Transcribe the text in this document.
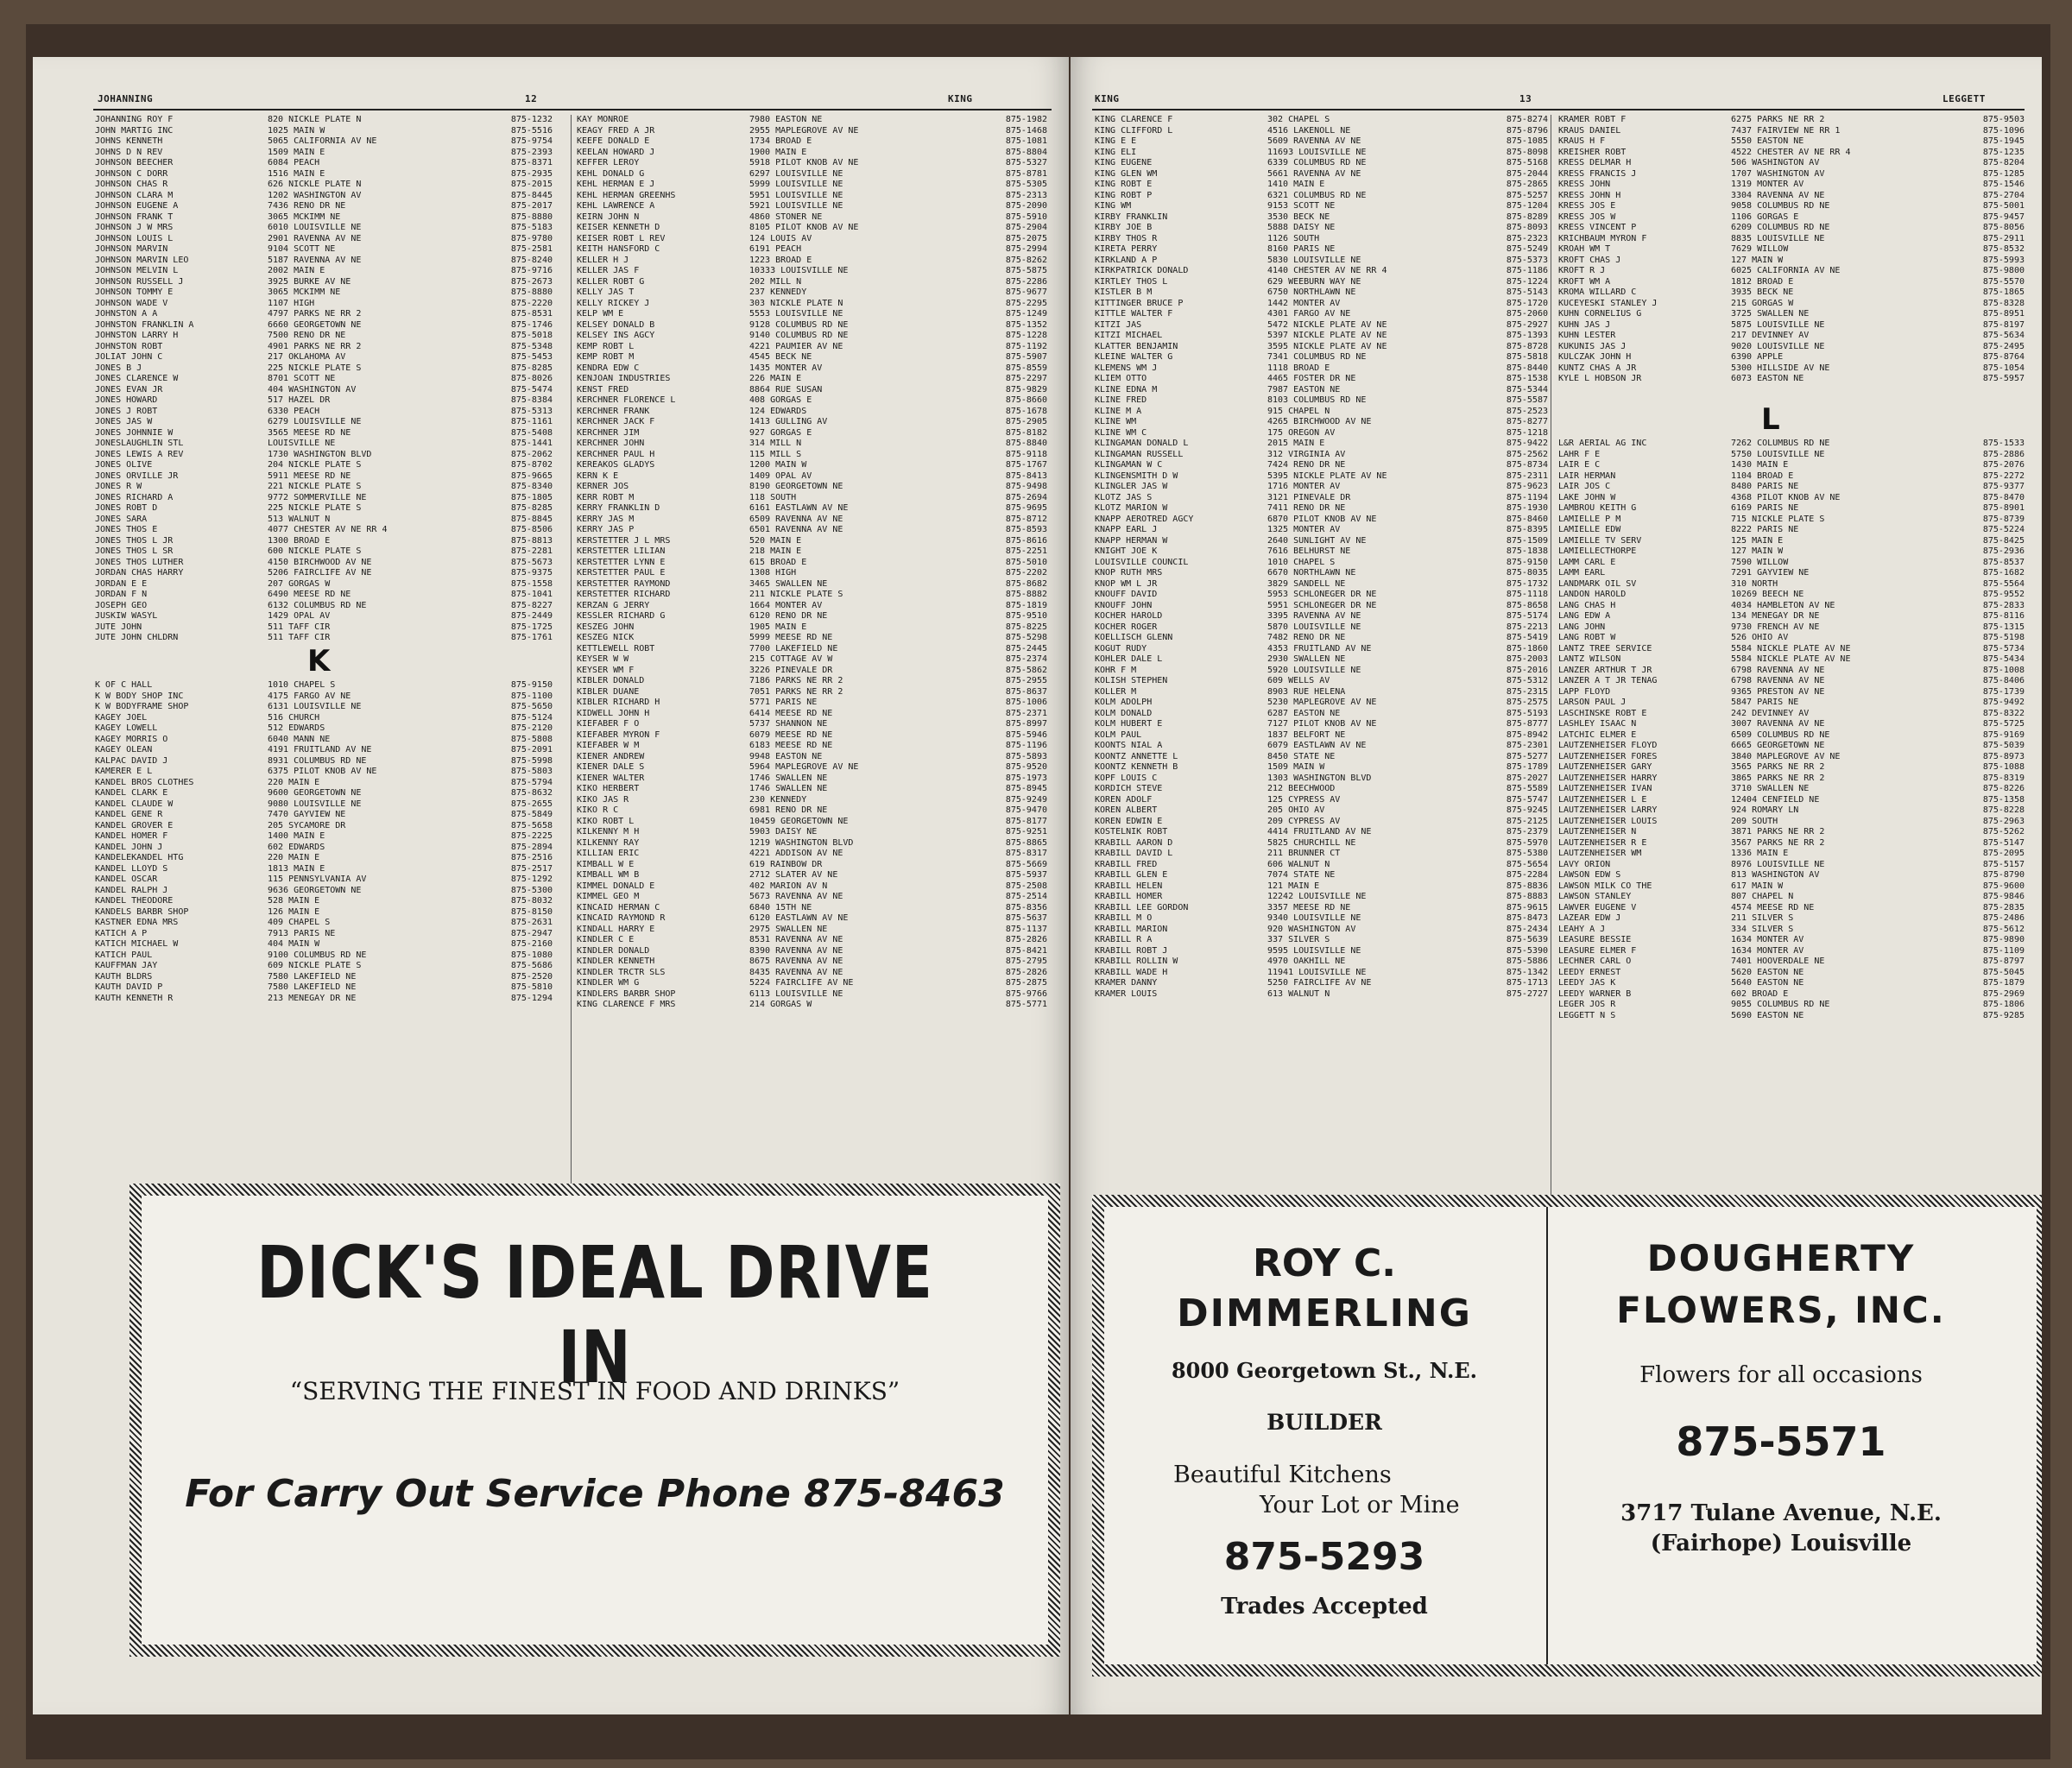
JOHANNING	12	KING
JOHANNING ROY F	820 NICKLE PLATE N	875-1232
JOHN MARTIG INC	1025 MAIN W	875-5516
JOHNS KENNETH	5065 CALIFORNIA AV NE	875-9754
JOHNS D N REV	1509 MAIN E	875-2393
JOHNSON BEECHER	6084 PEACH	875-8371
JOHNSON C DORR	1516 MAIN E	875-2935
JOHNSON CHAS R	626 NICKLE PLATE N	875-2015
JOHNSON CLARA M	1202 WASHINGTON AV	875-8445
JOHNSON EUGENE A	7436 RENO DR NE	875-2017
JOHNSON FRANK T	3065 MCKIMM NE	875-8880
JOHNSON J W MRS	6010 LOUISVILLE NE	875-5183
JOHNSON LOUIS L	2901 RAVENNA AV NE	875-9780
JOHNSON MARVIN	9104 SCOTT NE	875-2581
JOHNSON MARVIN LEO	5187 RAVENNA AV NE	875-8240
JOHNSON MELVIN L	2002 MAIN E	875-9716
JOHNSON RUSSELL J	3925 BURKE AV NE	875-2673
JOHNSON TOMMY E	3065 MCKIMM NE	875-8880
JOHNSON WADE V	1107 HIGH	875-2220
JOHNSTON A A	4797 PARKS NE RR 2	875-8531
JOHNSTON FRANKLIN A	6660 GEORGETOWN NE	875-1746
JOHNSTON LARRY H	7500 RENO DR NE	875-5018
JOHNSTON ROBT	4901 PARKS NE RR 2	875-5348
JOLIAT JOHN C	217 OKLAHOMA AV	875-5453
JONES B J	225 NICKLE PLATE S	875-8285
JONES CLARENCE W	8701 SCOTT NE	875-8026
JONES EVAN JR	404 WASHINGTON AV	875-5474
JONES HOWARD	517 HAZEL DR	875-8384
JONES J ROBT	6330 PEACH	875-5313
JONES JAS W	6279 LOUISVILLE NE	875-1161
JONES JOHNNIE W	3565 MEESE RD NE	875-5408
JONESLAUGHLIN STL	LOUISVILLE NE	875-1441
JONES LEWIS A REV	1730 WASHINGTON BLVD	875-2062
JONES OLIVE	204 NICKLE PLATE S	875-8702
JONES ORVILLE JR	5911 MEESE RD NE	875-9665
JONES R W	221 NICKLE PLATE S	875-8340
JONES RICHARD A	9772 SOMMERVILLE NE	875-1805
JONES ROBT D	225 NICKLE PLATE S	875-8285
JONES SARA	513 WALNUT N	875-8845
JONES THOS E	4077 CHESTER AV NE RR 4	875-8506
JONES THOS L JR	1300 BROAD E	875-8813
JONES THOS L SR	600 NICKLE PLATE S	875-2281
JONES THOS LUTHER	4150 BIRCHWOOD AV NE	875-5673
JORDAN CHAS HARRY	5206 FAIRCLIFE AV NE	875-9375
JORDAN E E	207 GORGAS W	875-1558
JORDAN F N	6490 MEESE RD NE	875-1041
JOSEPH GEO	6132 COLUMBUS RD NE	875-8227
JUSKIW WASYL	1429 OPAL AV	875-2449
JUTE JOHN	511 TAFF CIR	875-1725
JUTE JOHN CHLDRN	511 TAFF CIR	875-1761
K
K OF C HALL	1010 CHAPEL S	875-9150
K W BODY SHOP INC	4175 FARGO AV NE	875-1100
K W BODYFRAME SHOP	6131 LOUISVILLE NE	875-5650
KAGEY JOEL	516 CHURCH	875-5124
KAGEY LOWELL	512 EDWARDS	875-2120
KAGEY MORRIS O	6040 MANN NE	875-5808
KAGEY OLEAN	4191 FRUITLAND AV NE	875-2091
KALPAC DAVID J	8931 COLUMBUS RD NE	875-5998
KAMERER E L	6375 PILOT KNOB AV NE	875-5803
KANDEL BROS CLOTHES	220 MAIN E	875-5794
KANDEL CLARK E	9600 GEORGETOWN NE	875-8632
KANDEL CLAUDE W	9080 LOUISVILLE NE	875-2655
KANDEL GENE R	7470 GAYVIEW NE	875-5849
KANDEL GROVER E	205 SYCAMORE DR	875-5658
KANDEL HOMER F	1400 MAIN E	875-2225
KANDEL JOHN J	602 EDWARDS	875-2894
KANDELEKANDEL HTG	220 MAIN E	875-2516
KANDEL LLOYD S	1813 MAIN E	875-2517
KANDEL OSCAR	115 PENNSYLVANIA AV	875-1292
KANDEL RALPH J	9636 GEORGETOWN NE	875-5300
KANDEL THEODORE	528 MAIN E	875-8032
KANDELS BARBR SHOP	126 MAIN E	875-8150
KASTNER EDNA MRS	409 CHAPEL S	875-2631
KATICH A P	7913 PARIS NE	875-2947
KATICH MICHAEL W	404 MAIN W	875-2160
KATICH PAUL	9100 COLUMBUS RD NE	875-1080
KAUFFMAN JAY	609 NICKLE PLATE S	875-5686
KAUTH BLDRS	7580 LAKEFIELD NE	875-2520
KAUTH DAVID P	7580 LAKEFIELD NE	875-5810
KAUTH KENNETH R	213 MENEGAY DR NE	875-1294
KAY MONROE	7980 EASTON NE	875-1982
KEAGY FRED A JR	2955 MAPLEGROVE AV NE	875-1468
KEEFE DONALD E	1734 BROAD E	875-1081
KEELAN HOWARD J	1900 MAIN E	875-8804
KEFFER LEROY	5918 PILOT KNOB AV NE	875-5327
KEHL DONALD G	6297 LOUISVILLE NE	875-8781
KEHL HERMAN E J	5999 LOUISVILLE NE	875-5305
KEHL HERMAN GREENHS	5951 LOUISVILLE NE	875-2313
KEHL LAWRENCE A	5921 LOUISVILLE NE	875-2090
KEIRN JOHN N	4860 STONER NE	875-5910
KEISER KENNETH D	8105 PILOT KNOB AV NE	875-2904
KEISER ROBT L REV	124 LOUIS AV	875-2075
KEITH HANSFORD C	6191 PEACH	875-2994
KELLER H J	1223 BROAD E	875-8262
KELLER JAS F	10333 LOUISVILLE NE	875-5875
KELLER ROBT G	202 MILL N	875-2286
KELLY JAS T	237 KENNEDY	875-9677
KELLY RICKEY J	303 NICKLE PLATE N	875-2295
KELP WM E	5553 LOUISVILLE NE	875-1249
KELSEY DONALD B	9128 COLUMBUS RD NE	875-1352
KELSEY INS AGCY	9140 COLUMBUS RD NE	875-1228
KEMP ROBT L	4221 PAUMIER AV NE	875-1192
KEMP ROBT M	4545 BECK NE	875-5907
KENDRA EDW C	1435 MONTER AV	875-8559
KENJOAN INDUSTRIES	226 MAIN E	875-2297
KENST FRED	8864 RUE SUSAN	875-9829
KERCHNER FLORENCE L	408 GORGAS E	875-8660
KERCHNER FRANK	124 EDWARDS	875-1678
KERCHNER JACK F	1413 GULLING AV	875-2905
KERCHNER JIM	927 GORGAS E	875-8182
KERCHNER JOHN	314 MILL N	875-8840
KERCHNER PAUL H	115 MILL S	875-9118
KEREAKOS GLADYS	1200 MAIN W	875-1767
KERN K E	1409 OPAL AV	875-8413
KERNER JOS	8190 GEORGETOWN NE	875-9498
KERR ROBT M	118 SOUTH	875-2694
KERRY FRANKLIN D	6161 EASTLAWN AV NE	875-9695
KERRY JAS M	6509 RAVENNA AV NE	875-8712
KERRY JAS P	6501 RAVENNA AV NE	875-8593
KERSTETTER J L MRS	520 MAIN E	875-8616
KERSTETTER LILIAN	218 MAIN E	875-2251
KERSTETTER LYNN E	615 BROAD E	875-5010
KERSTETTER PAUL E	1308 HIGH	875-2202
KERSTETTER RAYMOND	3465 SWALLEN NE	875-8682
KERSTETTER RICHARD	211 NICKLE PLATE S	875-8882
KERZAN G JERRY	1664 MONTER AV	875-1819
KESSLER RICHARD G	6120 RENO DR NE	875-9510
KESZEG JOHN	1905 MAIN E	875-8225
KESZEG NICK	5999 MEESE RD NE	875-5298
KETTLEWELL ROBT	7700 LAKEFIELD NE	875-2445
KEYSER W W	215 COTTAGE AV W	875-2374
KEYSER WM F	3226 PINEVALE DR	875-5862
KIBLER DONALD	7186 PARKS NE RR 2	875-2955
KIBLER DUANE	7051 PARKS NE RR 2	875-8637
KIBLER RICHARD H	5771 PARIS NE	875-1006
KIDWELL JOHN H	6414 MEESE RD NE	875-2371
KIEFABER F O	5737 SHANNON NE	875-8997
KIEFABER MYRON F	6079 MEESE RD NE	875-5946
KIEFABER W M	6183 MEESE RD NE	875-1196
KIENER ANDREW	9948 EASTON NE	875-5893
KIENER DALE S	5964 MAPLEGROVE AV NE	875-9520
KIENER WALTER	1746 SWALLEN NE	875-1973
KIKO HERBERT	1746 SWALLEN NE	875-8945
KIKO JAS R	230 KENNEDY	875-9249
KIKO R C	6981 RENO DR NE	875-9470
KIKO ROBT L	10459 GEORGETOWN NE	875-8177
KILKENNY M H	5903 DAISY NE	875-9251
KILKENNY RAY	1219 WASHINGTON BLVD	875-8865
KILLIAN ERIC	4221 ADDISON AV NE	875-8317
KIMBALL W E	619 RAINBOW DR	875-5669
KIMBALL WM B	2712 SLATER AV NE	875-5937
KIMMEL DONALD E	402 MARION AV N	875-2508
KIMMEL GEO M	5673 RAVENNA AV NE	875-2514
KINCAID HERMAN C	6840 15TH NE	875-8356
KINCAID RAYMOND R	6120 EASTLAWN AV NE	875-5637
KINDALL HARRY E	2975 SWALLEN NE	875-1137
KINDLER C E	8531 RAVENNA AV NE	875-2826
KINDLER DONALD	8390 RAVENNA AV NE	875-8421
KINDLER KENNETH	8675 RAVENNA AV NE	875-2795
KINDLER TRCTR SLS	8435 RAVENNA AV NE	875-2826
KINDLER WM G	5224 FAIRCLIFE AV NE	875-2875
KINDLERS BARBR SHOP	6113 LOUISVILLE NE	875-9766
KING CLARENCE F MRS	214 GORGAS W	875-5771
DICK'S IDEAL DRIVE IN
“SERVING THE FINEST IN FOOD AND DRINKS”
For Carry Out Service Phone 875-8463
KING	13	LEGGETT
KING CLARENCE F	302 CHAPEL S	875-8274
KING CLIFFORD L	4516 LAKENOLL NE	875-8796
KING E E	5609 RAVENNA AV NE	875-1085
KING ELI	11693 LOUISVILLE NE	875-8098
KING EUGENE	6339 COLUMBUS RD NE	875-5168
KING GLEN WM	5661 RAVENNA AV NE	875-2044
KING ROBT E	1410 MAIN E	875-2865
KING ROBT P	6321 COLUMBUS RD NE	875-5257
KING WM	9153 SCOTT NE	875-1204
KIRBY FRANKLIN	3530 BECK NE	875-8289
KIRBY JOE B	5888 DAISY NE	875-8093
KIRBY THOS R	1126 SOUTH	875-2323
KIRETA PERRY	8160 PARIS NE	875-5249
KIRKLAND A P	5830 LOUISVILLE NE	875-5373
KIRKPATRICK DONALD	4140 CHESTER AV NE RR 4	875-1186
KIRTLEY THOS L	629 WEEBURN WAY NE	875-1224
KISTLER B M	6750 NORTHLAWN NE	875-5143
KITTINGER BRUCE P	1442 MONTER AV	875-1720
KITTLE WALTER F	4301 FARGO AV NE	875-2060
KITZI JAS	5472 NICKLE PLATE AV NE	875-2927
KITZI MICHAEL	5397 NICKLE PLATE AV NE	875-1393
KLATTER BENJAMIN	3595 NICKLE PLATE AV NE	875-8728
KLEINE WALTER G	7341 COLUMBUS RD NE	875-5818
KLEMENS WM J	1118 BROAD E	875-8440
KLIEM OTTO	4465 FOSTER DR NE	875-1538
KLINE EDNA M	7987 EASTON NE	875-5344
KLINE FRED	8103 COLUMBUS RD NE	875-5587
KLINE M A	915 CHAPEL N	875-2523
KLINE WM	4265 BIRCHWOOD AV NE	875-8277
KLINE WM C	175 OREGON AV	875-1218
KLINGAMAN DONALD L	2015 MAIN E	875-9422
KLINGAMAN RUSSELL	312 VIRGINIA AV	875-2562
KLINGAMAN W C	7424 RENO DR NE	875-8734
KLINGENSMITH D W	5395 NICKLE PLATE AV NE	875-2311
KLINGLER JAS W	1716 MONTER AV	875-9623
KLOTZ JAS S	3121 PINEVALE DR	875-1194
KLOTZ MARION W	7411 RENO DR NE	875-1930
KNAPP AEROTRED AGCY	6870 PILOT KNOB AV NE	875-8460
KNAPP EARL J	1325 MONTER AV	875-8395
KNAPP HERMAN W	2640 SUNLIGHT AV NE	875-1509
KNIGHT JOE K	7616 BELHURST NE	875-1838
LOUISVILLE COUNCIL	1010 CHAPEL S	875-9150
KNOP RUTH MRS	6670 NORTHLAWN NE	875-8035
KNOP WM L JR	3829 SANDELL NE	875-1732
KNOUFF DAVID	5953 SCHLONEGER DR NE	875-1118
KNOUFF JOHN	5951 SCHLONEGER DR NE	875-8658
KOCHER HAROLD	3395 RAVENNA AV NE	875-5174
KOCHER ROGER	5870 LOUISVILLE NE	875-2213
KOELLISCH GLENN	7482 RENO DR NE	875-5419
KOGUT RUDY	4353 FRUITLAND AV NE	875-1860
KOHLER DALE L	2930 SWALLEN NE	875-2003
KOHR F M	5920 LOUISVILLE NE	875-2016
KOLISH STEPHEN	609 WELLS AV	875-5312
KOLLER M	8903 RUE HELENA	875-2315
KOLM ADOLPH	5230 MAPLEGROVE AV NE	875-2575
KOLM DONALD	6287 EASTON NE	875-5193
KOLM HUBERT E	7127 PILOT KNOB AV NE	875-8777
KOLM PAUL	1837 BELFORT NE	875-8942
KOONTS NIAL A	6079 EASTLAWN AV NE	875-2301
KOONTZ ANNETTE L	8450 STATE NE	875-5277
KOONTZ KENNETH B	1509 MAIN W	875-1789
KOPF LOUIS C	1303 WASHINGTON BLVD	875-2027
KORDICH STEVE	212 BEECHWOOD	875-5589
KOREN ADOLF	125 CYPRESS AV	875-5747
KOREN ALBERT	205 OHIO AV	875-9245
KOREN EDWIN E	209 CYPRESS AV	875-2125
KOSTELNIK ROBT	4414 FRUITLAND AV NE	875-2379
KRABILL AARON D	5825 CHURCHILL NE	875-5970
KRABILL DAVID L	211 BRUNNER CT	875-5380
KRABILL FRED	606 WALNUT N	875-5654
KRABILL GLEN E	7074 STATE NE	875-2284
KRABILL HELEN	121 MAIN E	875-8836
KRABILL HOMER	12242 LOUISVILLE NE	875-8883
KRABILL LEE GORDON	3357 MEESE RD NE	875-9615
KRABILL M O	9340 LOUISVILLE NE	875-8473
KRABILL MARION	920 WASHINGTON AV	875-2434
KRABILL R A	337 SILVER S	875-5639
KRABILL ROBT J	9595 LOUISVILLE NE	875-5390
KRABILL ROLLIN W	4970 OAKHILL NE	875-5886
KRABILL WADE H	11941 LOUISVILLE NE	875-1342
KRAMER DANNY	5250 FAIRCLIFE AV NE	875-1713
KRAMER LOUIS	613 WALNUT N	875-2727
KRAMER ROBT F	6275 PARKS NE RR 2	875-9503
KRAUS DANIEL	7437 FAIRVIEW NE RR 1	875-1096
KRAUS H F	5550 EASTON NE	875-1945
KREISHER ROBT	4522 CHESTER AV NE RR 4	875-1235
KRESS DELMAR H	506 WASHINGTON AV	875-8204
KRESS FRANCIS J	1707 WASHINGTON AV	875-1285
KRESS JOHN	1319 MONTER AV	875-1546
KRESS JOHN H	3304 RAVENNA AV NE	875-2704
KRESS JOS E	9058 COLUMBUS RD NE	875-5001
KRESS JOS W	1106 GORGAS E	875-9457
KRESS VINCENT P	6209 COLUMBUS RD NE	875-8056
KRICHBAUM MYRON F	8835 LOUISVILLE NE	875-2911
KROAH WM T	7629 WILLOW	875-8532
KROFT CHAS J	127 MAIN W	875-5993
KROFT R J	6025 CALIFORNIA AV NE	875-9800
KROFT WM A	1812 BROAD E	875-5570
KROMA WILLARD C	3935 BECK NE	875-1865
KUCEYESKI STANLEY J	215 GORGAS W	875-8328
KUHN CORNELIUS G	3725 SWALLEN NE	875-8951
KUHN JAS J	5875 LOUISVILLE NE	875-8197
KUHN LESTER	217 DEVINNEY AV	875-5634
KUKUNIS JAS J	9020 LOUISVILLE NE	875-2495
KULCZAK JOHN H	6390 APPLE	875-8764
KUNTZ CHAS A JR	5300 HILLSIDE AV NE	875-1054
KYLE L HOBSON JR	6073 EASTON NE	875-5957
L
L&R AERIAL AG INC	7262 COLUMBUS RD NE	875-1533
LAHR F E	5750 LOUISVILLE NE	875-2886
LAIR E C	1430 MAIN E	875-2076
LAIR HERMAN	1104 BROAD E	875-2272
LAIR JOS C	8480 PARIS NE	875-9377
LAKE JOHN W	4368 PILOT KNOB AV NE	875-8470
LAMBROU KEITH G	6169 PARIS NE	875-8901
LAMIELLE P M	715 NICKLE PLATE S	875-8739
LAMIELLE EDW	8222 PARIS NE	875-5224
LAMIELLE TV SERV	125 MAIN E	875-8425
LAMIELLECTHORPE	127 MAIN W	875-2936
LAMM CARL E	7590 WILLOW	875-8537
LAMM EARL	7291 GAYVIEW NE	875-1682
LANDMARK OIL SV	310 NORTH	875-5564
LANDON HAROLD	10269 BEECH NE	875-9552
LANG CHAS H	4034 HAMBLETON AV NE	875-2833
LANG EDW A	134 MENEGAY DR NE	875-8116
LANG JOHN	9730 FRENCH AV NE	875-1315
LANG ROBT W	526 OHIO AV	875-5198
LANTZ TREE SERVICE	5584 NICKLE PLATE AV NE	875-5734
LANTZ WILSON	5584 NICKLE PLATE AV NE	875-5434
LANZER ARTHUR T JR	6798 RAVENNA AV NE	875-1008
LANZER A T JR TENAG	6798 RAVENNA AV NE	875-8406
LAPP FLOYD	9365 PRESTON AV NE	875-1739
LARSON PAUL J	5847 PARIS NE	875-9492
LASCHINSKE ROBT E	242 DEVINNEY AV	875-8322
LASHLEY ISAAC N	3007 RAVENNA AV NE	875-5725
LATCHIC ELMER E	6509 COLUMBUS RD NE	875-9169
LAUTZENHEISER FLOYD	6665 GEORGETOWN NE	875-5039
LAUTZENHEISER FORES	3840 MAPLEGROVE AV NE	875-8973
LAUTZENHEISER GARY	3565 PARKS NE RR 2	875-1088
LAUTZENHEISER HARRY	3865 PARKS NE RR 2	875-8319
LAUTZENHEISER IVAN	3710 SWALLEN NE	875-8226
LAUTZENHEISER L E	12404 CENFIELD NE	875-1358
LAUTZENHEISER LARRY	924 ROMARY LN	875-8228
LAUTZENHEISER LOUIS	209 SOUTH	875-2963
LAUTZENHEISER N	3871 PARKS NE RR 2	875-5262
LAUTZENHEISER R E	3567 PARKS NE RR 2	875-5147
LAUTZENHEISER WM	1336 MAIN E	875-2095
LAVY ORION	8976 LOUISVILLE NE	875-5157
LAWSON EDW S	813 WASHINGTON AV	875-8790
LAWSON MILK CO THE	617 MAIN W	875-9600
LAWSON STANLEY	807 CHAPEL N	875-9846
LAWVER EUGENE V	4574 MEESE RD NE	875-2835
LAZEAR EDW J	211 SILVER S	875-2486
LEAHY A J	334 SILVER S	875-5612
LEASURE BESSIE	1634 MONTER AV	875-9890
LEASURE ELMER F	1634 MONTER AV	875-1109
LECHNER CARL O	7401 HOOVERDALE NE	875-8797
LEEDY ERNEST	5620 EASTON NE	875-5045
LEEDY JAS K	5640 EASTON NE	875-1879
LEEDY WARNER B	602 BROAD E	875-2969
LEGER JOS R	9055 COLUMBUS RD NE	875-1806
LEGGETT N S	5690 EASTON NE	875-9285
ROY C.
DIMMERLING
8000 Georgetown St., N.E.
BUILDER
Beautiful Kitchens
Your Lot or Mine
875-5293
Trades Accepted
DOUGHERTY
FLOWERS, INC.
Flowers for all occasions
875-5571
3717 Tulane Avenue, N.E.
(Fairhope) Louisville
